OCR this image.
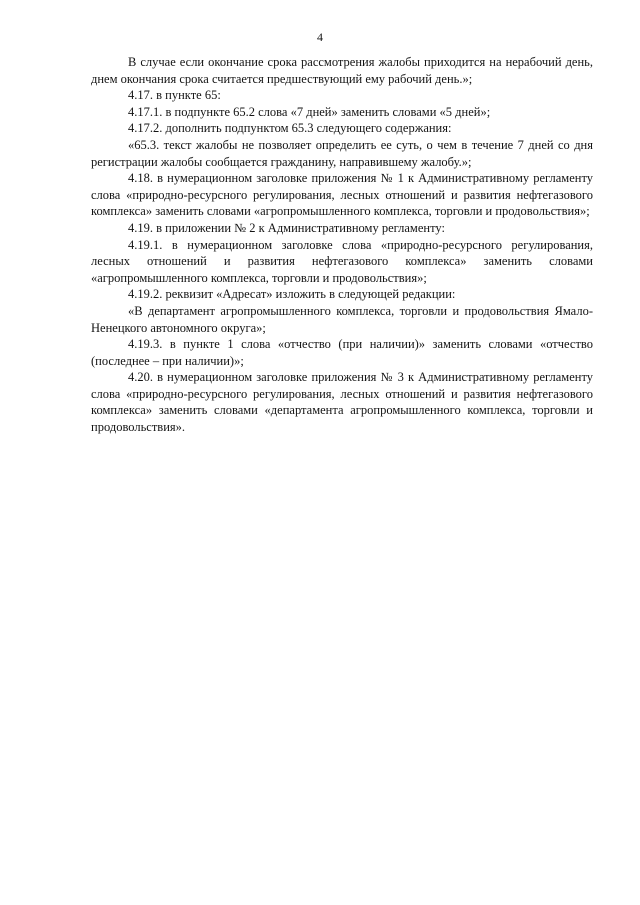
4

В случае если окончание срока рассмотрения жалобы приходится на нерабочий день, днем окончания срока считается предшествующий ему рабочий день.»;

4.17. в пункте 65:

4.17.1. в подпункте 65.2 слова «7 дней» заменить словами «5 дней»;

4.17.2. дополнить подпунктом 65.3 следующего содержания:

«65.3. текст жалобы не позволяет определить ее суть, о чем в течение 7 дней со дня регистрации жалобы сообщается гражданину, направившему жалобу.»;

4.18. в нумерационном заголовке приложения № 1 к Административному регламенту слова «природно-ресурсного регулирования, лесных отношений и развития нефтегазового комплекса» заменить словами «агропромышленного комплекса, торговли и продовольствия»;

4.19. в приложении № 2 к Административному регламенту:

4.19.1. в нумерационном заголовке слова «природно-ресурсного регулирования, лесных отношений и развития нефтегазового комплекса» заменить словами «агропромышленного комплекса, торговли и продовольствия»;

4.19.2. реквизит «Адресат» изложить в следующей редакции:

«В департамент агропромышленного комплекса, торговли и продовольствия Ямало-Ненецкого автономного округа»;

4.19.3. в пункте 1 слова «отчество (при наличии)» заменить словами «отчество (последнее – при наличии)»;

4.20. в нумерационном заголовке приложения № 3 к Административному регламенту слова «природно-ресурсного регулирования, лесных отношений и развития нефтегазового комплекса» заменить словами «департамента агропромышленного комплекса, торговли и продовольствия».
